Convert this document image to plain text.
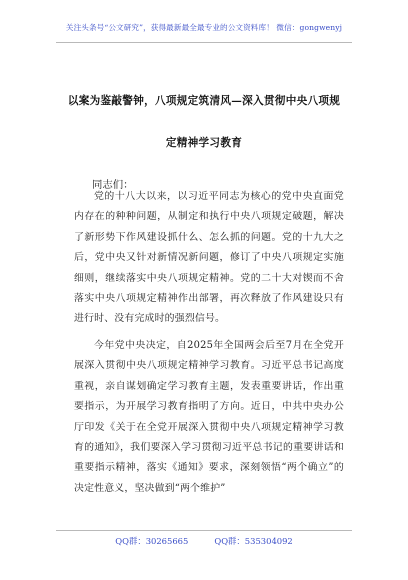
关注头条号“公文研究”，获得最新最全最专业的公文资料库！ 微信：gongwenyj
以案为鉴敲警钟，八项规定筑清风—深入贯彻中央八项规
定精神学习教育
同志们：

党的十八大以来，以习近平同志为核心的党中央直面党内存在的种种问题，从制定和执行中央八项规定破题，解决了新形势下作风建设抓什么、怎么抓的问题。党的十九大之后，党中央又针对新情况新问题，修订了中央八项规定实施细则，继续落实中央八项规定精神。党的二十大对锲而不舍落实中央八项规定精神作出部署，再次释放了作风建设只有进行时、没有完成时的强烈信号。

今年党中央决定，自2025年全国两会后至7月在全党开展深入贯彻中央八项规定精神学习教育。习近平总书记高度重视，亲自谋划确定学习教育主题，发表重要讲话，作出重要指示，为开展学习教育指明了方向。近日，中共中央办公厅印发《关于在全党开展深入贯彻中央八项规定精神学习教育的通知》，我们要深入学习贯彻习近平总书记的重要讲话和重要指示精神，落实《通知》要求，深刻领悟“两个确立”的决定性意义，坚决做到“两个维护”

QQ群：30265665	QQ群：535304092
